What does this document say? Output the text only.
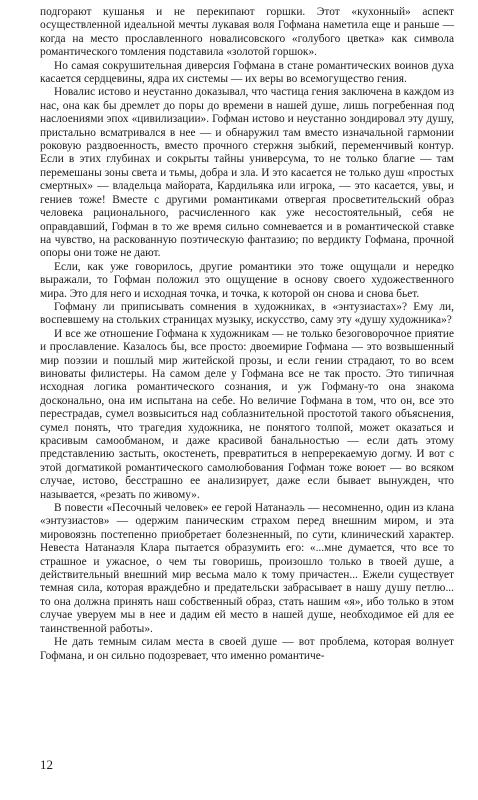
подгорают кушанья и не перекипают горшки. Этот «кухонный» аспект осуществленной идеальной мечты лукавая воля Гофмана наметила еще и раньше — когда на место прославленного новалисовского «голубого цветка» как символа романтического томления подставила «золотой горшок».

Но самая сокрушительная диверсия Гофмана в стане романтических воинов духа касается сердцевины, ядра их системы — их веры во всемогущество гения.

Новалис истово и неустанно доказывал, что частица гения заключена в каждом из нас, она как бы дремлет до поры до времени в нашей душе, лишь погребенная под наслоениями эпох «цивилизации». Гофман истово и неустанно зондировал эту душу, пристально всматривался в нее — и обнаружил там вместо изначальной гармонии роковую раздвоенность, вместо прочного стержня зыбкий, переменчивый контур. Если в этих глубинах и сокрыты тайны универсума, то не только благие — там перемешаны зоны света и тьмы, добра и зла. И это касается не только душ «простых смертных» — владельца майората, Кардильяка или игрока, — это касается, увы, и гениев тоже! Вместе с другими романтиками отвергая просветительский образ человека рационального, расчисленного как уже несостоятельный, себя не оправдавший, Гофман в то же время сильно сомневается и в романтической ставке на чувство, на раскованную поэтическую фантазию; по вердикту Гофмана, прочной опоры они тоже не дают.

Если, как уже говорилось, другие романтики это тоже ощущали и нередко выражали, то Гофман положил это ощущение в основу своего художественного мира. Это для него и исходная точка, и точка, к которой он снова и снова бьет.

Гофману ли приписывать сомнения в художниках, в «энтузиастах»? Ему ли, воспевшему на стольких страницах музыку, искусство, саму эту «душу художника»?

И все же отношение Гофмана к художникам — не только безоговорочное приятие и прославление. Казалось бы, все просто: двоемирие Гофмана — это возвышенный мир поэзии и пошлый мир житейской прозы, и если гении страдают, то во всем виноваты филистеры. На самом деле у Гофмана все не так просто. Это типичная исходная логика романтического сознания, и уж Гофману-то она знакома досконально, она им испытана на себе. Но величие Гофмана в том, что он, все это перестрадав, сумел возвыситься над соблазнительной простотой такого объяснения, сумел понять, что трагедия художника, не понятого толпой, может оказаться и красивым самообманом, и даже красивой банальностью — если дать этому представлению застыть, окостенеть, превратиться в непререкаемую догму. И вот с этой догматикой романтического самолюбования Гофман тоже воюет — во всяком случае, истово, бесстрашно ее анализирует, даже если бывает вынужден, что называется, «резать по живому».

В повести «Песочный человек» ее герой Натанаэль — несомненно, один из клана «энтузиастов» — одержим паническим страхом перед внешним миром, и эта мировоязнь постепенно приобретает болезненный, по сути, клинический характер. Невеста Натанаэля Клара пытается образумить его: «...мне думается, что все то страшное и ужасное, о чем ты говоришь, произошло только в твоей душе, а действительный внешний мир весьма мало к тому причастен... Ежели существует темная сила, которая враждебно и предательски забрасывает в нашу душу петлю... то она должна принять наш собственный образ, стать нашим «я», ибо только в этом случае уверуем мы в нее и дадим ей место в нашей душе, необходимое ей для ее таинственной работы».

Не дать темным силам места в своей душе — вот проблема, которая волнует Гофмана, и он сильно подозревает, что именно романтиче-

12
